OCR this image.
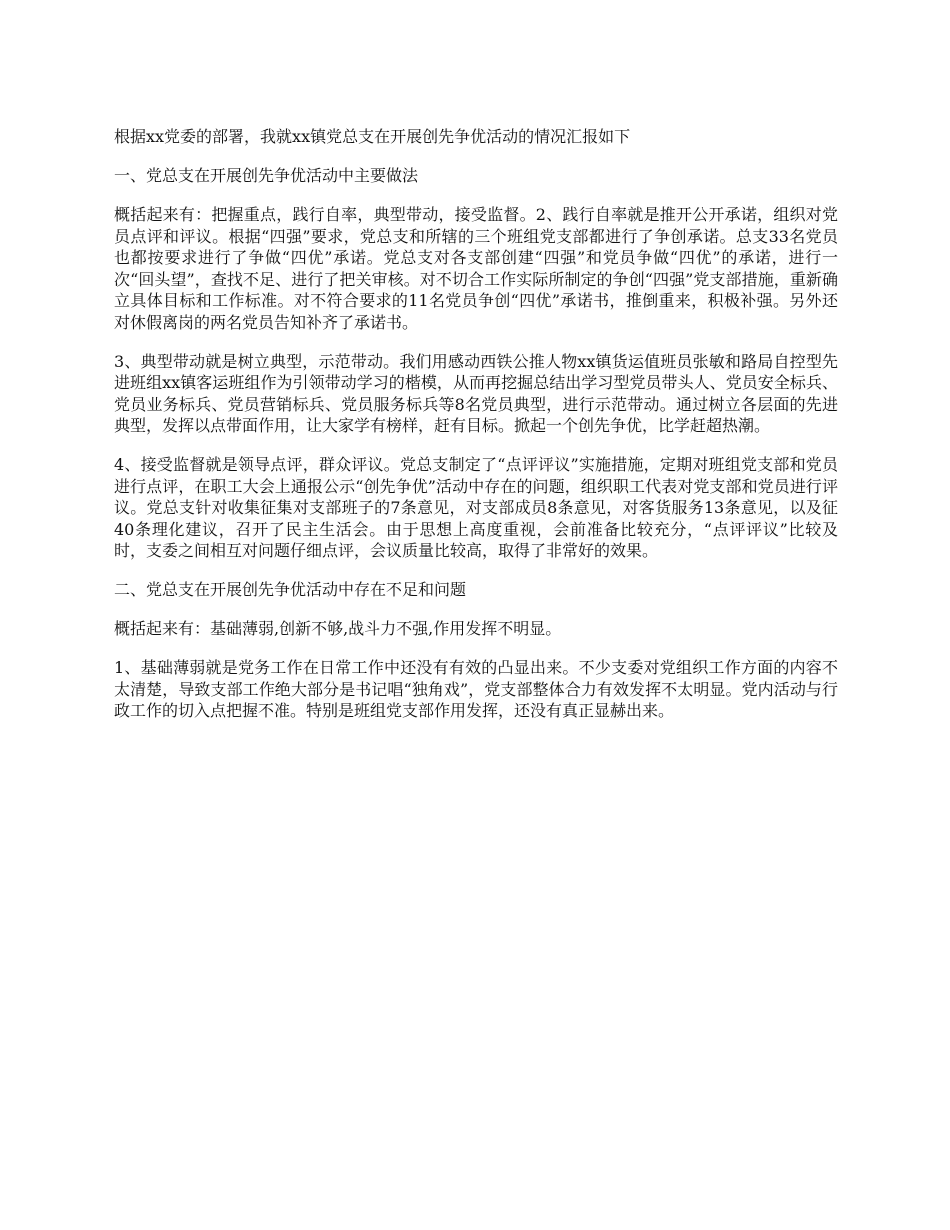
根据xx党委的部署，我就xx镇党总支在开展创先争优活动的情况汇报如下

一、党总支在开展创先争优活动中主要做法

概括起来有：把握重点，践行自率，典型带动，接受监督。2、践行自率就是推开公开承诺，组织对党员点评和评议。根据“四强”要求，党总支和所辖的三个班组党支部都进行了争创承诺。总支33名党员也都按要求进行了争做“四优”承诺。党总支对各支部创建“四强”和党员争做“四优”的承诺，进行一次“回头望”，查找不足、进行了把关审核。对不切合工作实际所制定的争创“四强”党支部措施，重新确立具体目标和工作标准。对不符合要求的11名党员争创“四优”承诺书，推倒重来，积极补强。另外还对休假离岗的两名党员告知补齐了承诺书。

3、典型带动就是树立典型，示范带动。我们用感动西铁公推人物xx镇货运值班员张敏和路局自控型先进班组xx镇客运班组作为引领带动学习的楷模，从而再挖掘总结出学习型党员带头人、党员安全标兵、党员业务标兵、党员营销标兵、党员服务标兵等8名党员典型，进行示范带动。通过树立各层面的先进典型，发挥以点带面作用，让大家学有榜样，赶有目标。掀起一个创先争优，比学赶超热潮。

4、接受监督就是领导点评，群众评议。党总支制定了“点评评议”实施措施，定期对班组党支部和党员进行点评，在职工大会上通报公示“创先争优”活动中存在的问题，组织职工代表对党支部和党员进行评议。党总支针对收集征集对支部班子的7条意见，对支部成员8条意见，对客货服务13条意见，以及征40条理化建议，召开了民主生活会。由于思想上高度重视，会前准备比较充分，“点评评议”比较及时，支委之间相互对问题仔细点评，会议质量比较高，取得了非常好的效果。

二、党总支在开展创先争优活动中存在不足和问题

概括起来有：基础薄弱,创新不够,战斗力不强,作用发挥不明显。

1、基础薄弱就是党务工作在日常工作中还没有有效的凸显出来。不少支委对党组织工作方面的内容不太清楚，导致支部工作绝大部分是书记唱“独角戏”，党支部整体合力有效发挥不太明显。党内活动与行政工作的切入点把握不准。特别是班组党支部作用发挥，还没有真正显赫出来。
